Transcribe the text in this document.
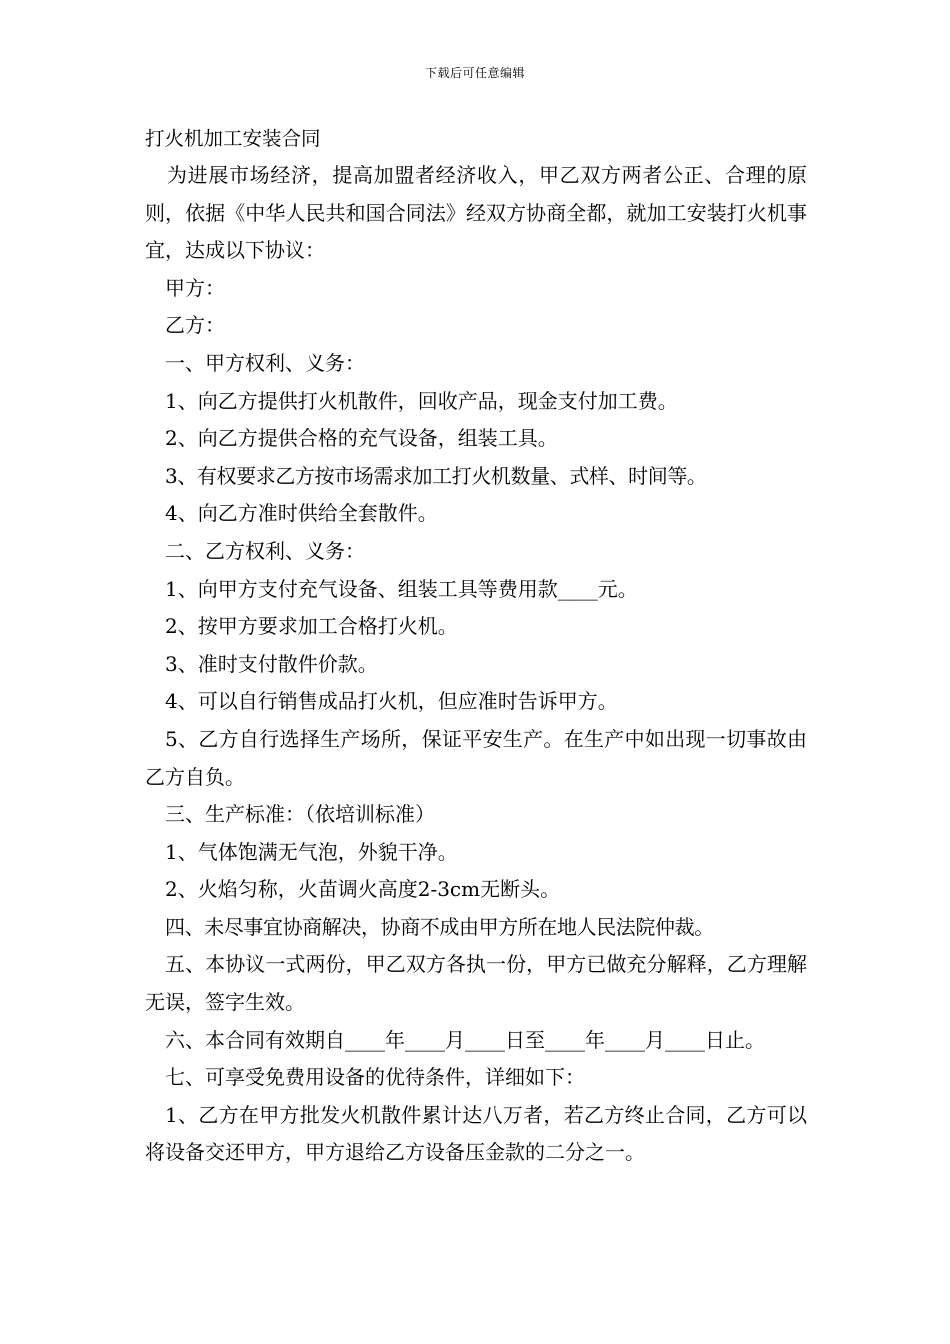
下载后可任意编辑
打火机加工安装合同

为进展市场经济，提高加盟者经济收入，甲乙双方两者公正、合理的原则，依据《中华人民共和国合同法》经双方协商全都，就加工安装打火机事宜，达成以下协议：

甲方：

乙方：

一、甲方权利、义务：

1、向乙方提供打火机散件，回收产品，现金支付加工费。

2、向乙方提供合格的充气设备，组装工具。

3、有权要求乙方按市场需求加工打火机数量、式样、时间等。

4、向乙方准时供给全套散件。

二、乙方权利、义务：

1、向甲方支付充气设备、组装工具等费用款____元。

2、按甲方要求加工合格打火机。

3、准时支付散件价款。

4、可以自行销售成品打火机，但应准时告诉甲方。

5、乙方自行选择生产场所，保证平安生产。在生产中如出现一切事故由乙方自负。

三、生产标准：（依培训标准）

1、气体饱满无气泡，外貌干净。

2、火焰匀称，火苗调火高度2-3cm无断头。

四、未尽事宜协商解决，协商不成由甲方所在地人民法院仲裁。

五、本协议一式两份，甲乙双方各执一份，甲方已做充分解释，乙方理解无误，签字生效。

六、本合同有效期自____年____月____日至____年____月____日止。

七、可享受免费用设备的优待条件，详细如下：

1、乙方在甲方批发火机散件累计达八万者，若乙方终止合同，乙方可以将设备交还甲方，甲方退给乙方设备压金款的二分之一。
